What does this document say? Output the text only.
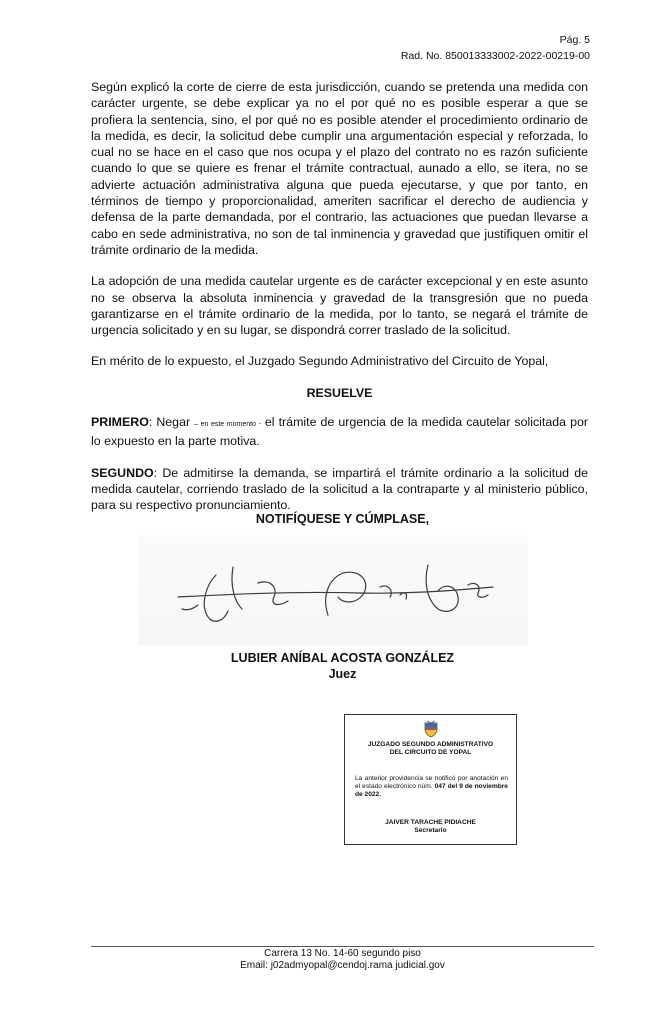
Pág. 5
Rad. No. 850013333002-2022-00219-00

Según explicó la corte de cierre de esta jurisdicción, cuando se pretenda una medida con carácter urgente, se debe explicar ya no el por qué no es posible esperar a que se profiera la sentencia, sino, el por qué no es posible atender el procedimiento ordinario de la medida, es decir, la solicitud debe cumplir una argumentación especial y reforzada, lo cual no se hace en el caso que nos ocupa y el plazo del contrato no es razón suficiente cuando lo que se quiere es frenar el trámite contractual, aunado a ello, se itera, no se advierte actuación administrativa alguna que pueda ejecutarse, y que por tanto, en términos de tiempo y proporcionalidad, ameriten sacrificar el derecho de audiencia y defensa de la parte demandada, por el contrario, las actuaciones que puedan llevarse a cabo en sede administrativa, no son de tal inminencia y gravedad que justifiquen omitir el trámite ordinario de la medida.

La adopción de una medida cautelar urgente es de carácter excepcional y en este asunto no se observa la absoluta inminencia y gravedad de la transgresión que no pueda garantizarse en el trámite ordinario de la medida, por lo tanto, se negará el trámite de urgencia solicitado y en su lugar, se dispondrá correr traslado de la solicitud.

En mérito de lo expuesto, el Juzgado Segundo Administrativo del Circuito de Yopal,

RESUELVE

PRIMERO: Negar – en este momento - el trámite de urgencia de la medida cautelar solicitada por lo expuesto en la parte motiva.

SEGUNDO: De admitirse la demanda, se impartirá el trámite ordinario a la solicitud de medida cautelar, corriendo traslado de la solicitud a la contraparte y al ministerio público, para su respectivo pronunciamiento.

NOTIFÍQUESE Y CÚMPLASE,
LUBIER ANÍBAL ACOSTA GONZÁLEZ
Juez
JUZGADO SEGUNDO ADMINISTRATIVO
DEL CIRCUITO DE YOPAL
La anterior providencia se notificó por anotación en el estado electrónico núm. 047 del 9 de noviembre de 2022.
JAIVER TARACHE PIDIACHE
Secretario
Carrera 13 No. 14-60 segundo piso
Email: j02admyopal@cendoj.rama judicial.gov
